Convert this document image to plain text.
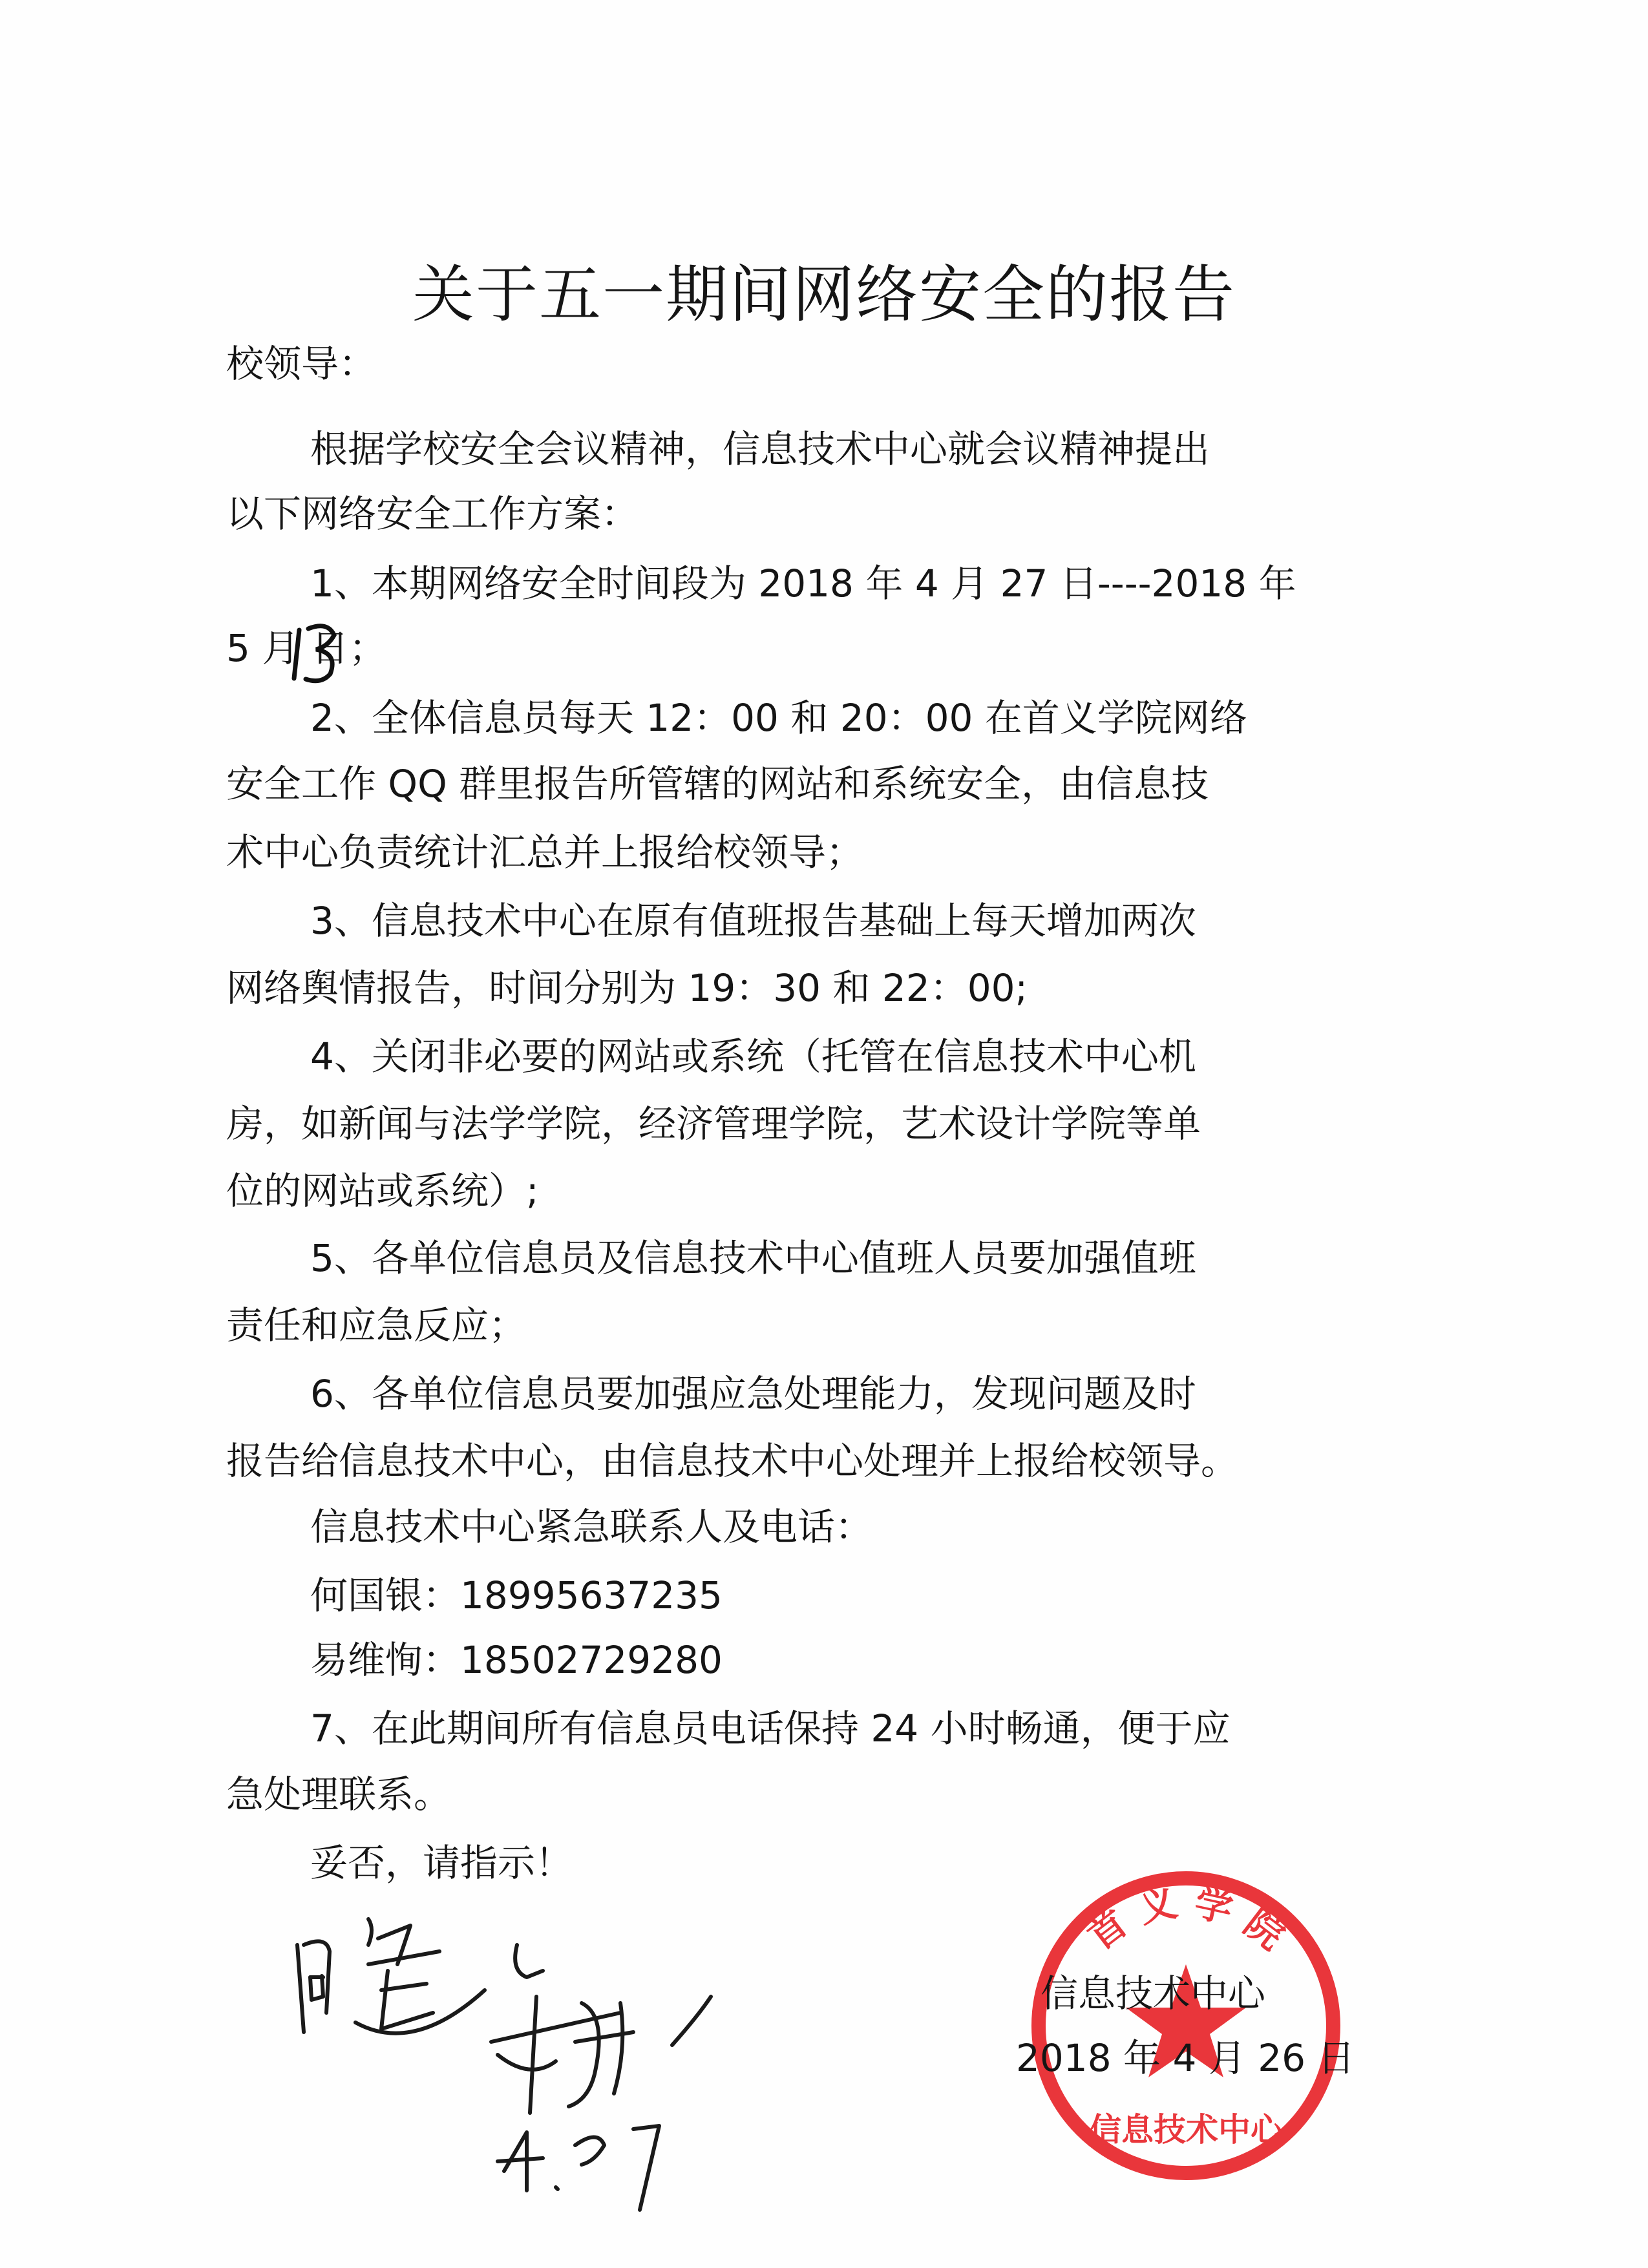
关于五一期间网络安全的报告
校领导：
根据学校安全会议精神，信息技术中心就会议精神提出
以下网络安全工作方案：
1、本期网络安全时间段为 2018 年 4 月 27 日----2018 年
5 月 日；
2、全体信息员每天 12：00 和 20：00 在首义学院网络
安全工作 QQ 群里报告所管辖的网站和系统安全，由信息技
术中心负责统计汇总并上报给校领导；
3、信息技术中心在原有值班报告基础上每天增加两次
网络舆情报告，时间分别为 19：30 和 22：00;
4、关闭非必要的网站或系统（托管在信息技术中心机
房，如新闻与法学学院，经济管理学院，艺术设计学院等单
位的网站或系统）;
5、各单位信息员及信息技术中心值班人员要加强值班
责任和应急反应；
6、各单位信息员要加强应急处理能力，发现问题及时
报告给信息技术中心，由信息技术中心处理并上报给校领导。
信息技术中心紧急联系人及电话：
何国银：18995637235
易维恂：18502729280
7、在此期间所有信息员电话保持 24 小时畅通，便于应
急处理联系。
妥否，请指示！
首 义 学 院
信息技术中心
信息技术中心
2018 年 4 月 26 日
